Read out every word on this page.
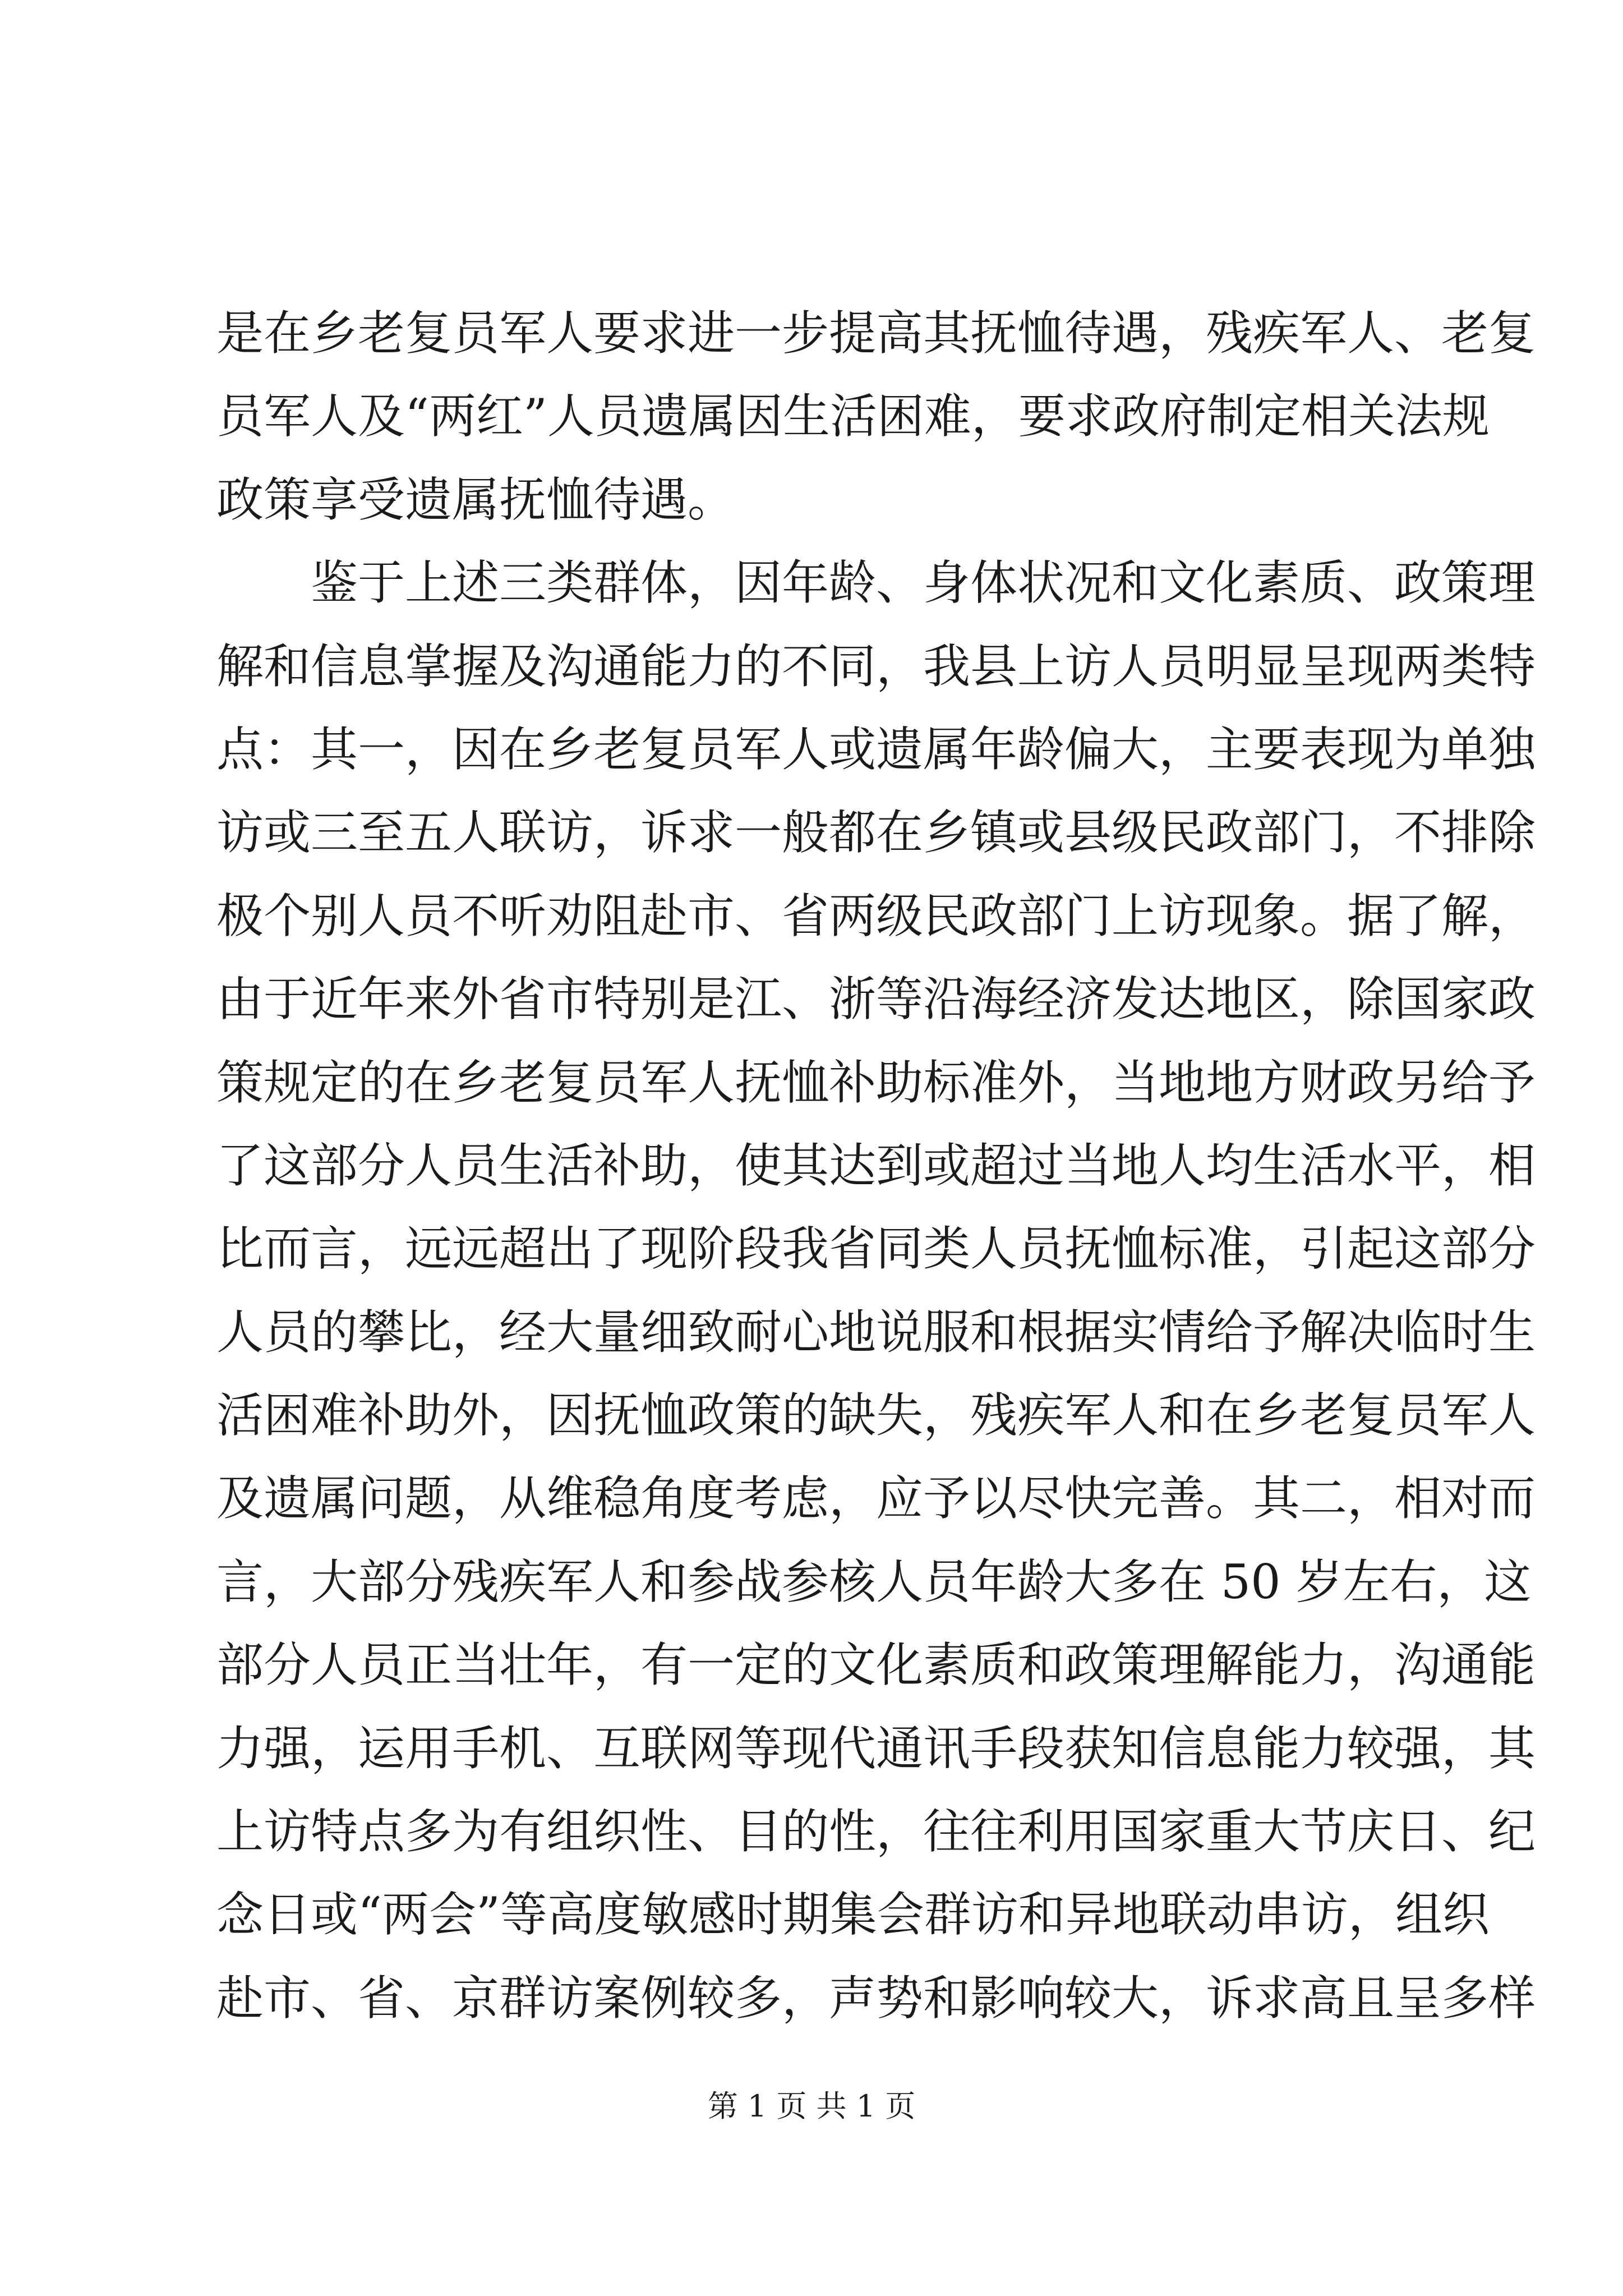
是在乡老复员军人要求进一步提高其抚恤待遇，残疾军人、老复
员军人及“两红”人员遗属因生活困难，要求政府制定相关法规
政策享受遗属抚恤待遇。
鉴于上述三类群体，因年龄、身体状况和文化素质、政策理
解和信息掌握及沟通能力的不同，我县上访人员明显呈现两类特
点：其一，因在乡老复员军人或遗属年龄偏大，主要表现为单独
访或三至五人联访，诉求一般都在乡镇或县级民政部门，不排除
极个别人员不听劝阻赴市、省两级民政部门上访现象。据了解，
由于近年来外省市特别是江、浙等沿海经济发达地区，除国家政
策规定的在乡老复员军人抚恤补助标准外，当地地方财政另给予
了这部分人员生活补助，使其达到或超过当地人均生活水平，相
比而言，远远超出了现阶段我省同类人员抚恤标准，引起这部分
人员的攀比，经大量细致耐心地说服和根据实情给予解决临时生
活困难补助外，因抚恤政策的缺失，残疾军人和在乡老复员军人
及遗属问题，从维稳角度考虑，应予以尽快完善。其二，相对而
言，大部分残疾军人和参战参核人员年龄大多在 50 岁左右，这
部分人员正当壮年，有一定的文化素质和政策理解能力，沟通能
力强，运用手机、互联网等现代通讯手段获知信息能力较强，其
上访特点多为有组织性、目的性，往往利用国家重大节庆日、纪
念日或“两会”等高度敏感时期集会群访和异地联动串访，组织
赴市、省、京群访案例较多，声势和影响较大，诉求高且呈多样
第 1 页 共 1 页
